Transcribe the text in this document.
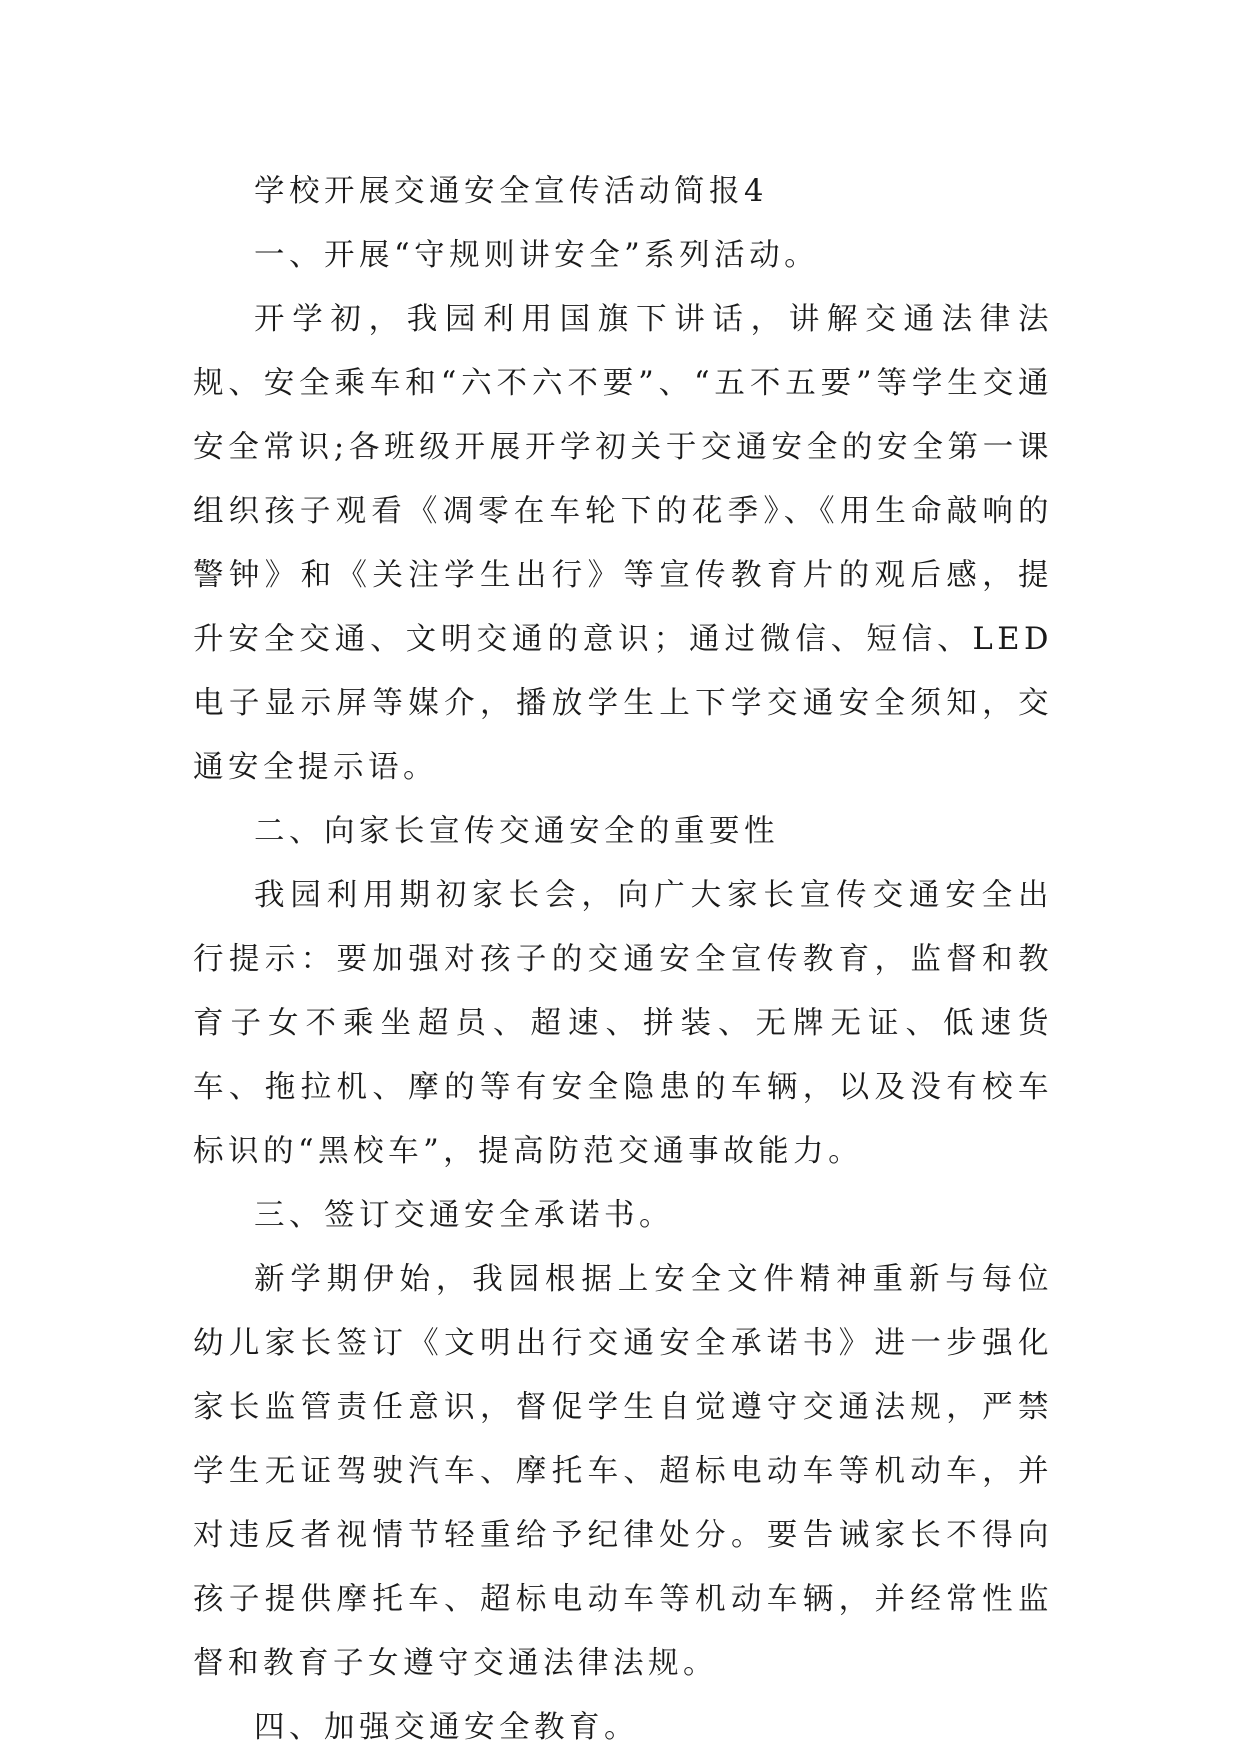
学校开展交通安全宣传活动简报4

一、开展“守规则讲安全”系列活动。

开学初，我园利用国旗下讲话，讲解交通法律法规、安全乘车和“六不六不要”、“五不五要”等学生交通安全常识;各班级开展开学初关于交通安全的安全第一课组织孩子观看《凋零在车轮下的花季》、《用生命敲响的警钟》和《关注学生出行》等宣传教育片的观后感，提升安全交通、文明交通的意识；通过微信、短信、LED电子显示屏等媒介，播放学生上下学交通安全须知，交通安全提示语。

二、向家长宣传交通安全的重要性

我园利用期初家长会，向广大家长宣传交通安全出行提示：要加强对孩子的交通安全宣传教育，监督和教育子女不乘坐超员、超速、拼装、无牌无证、低速货车、拖拉机、摩的等有安全隐患的车辆，以及没有校车标识的“黑校车”，提高防范交通事故能力。

三、签订交通安全承诺书。

新学期伊始，我园根据上安全文件精神重新与每位幼儿家长签订《文明出行交通安全承诺书》进一步强化家长监管责任意识，督促学生自觉遵守交通法规，严禁学生无证驾驶汽车、摩托车、超标电动车等机动车，并对违反者视情节轻重给予纪律处分。要告诫家长不得向孩子提供摩托车、超标电动车等机动车辆，并经常性监督和教育子女遵守交通法律法规。

四、加强交通安全教育。
